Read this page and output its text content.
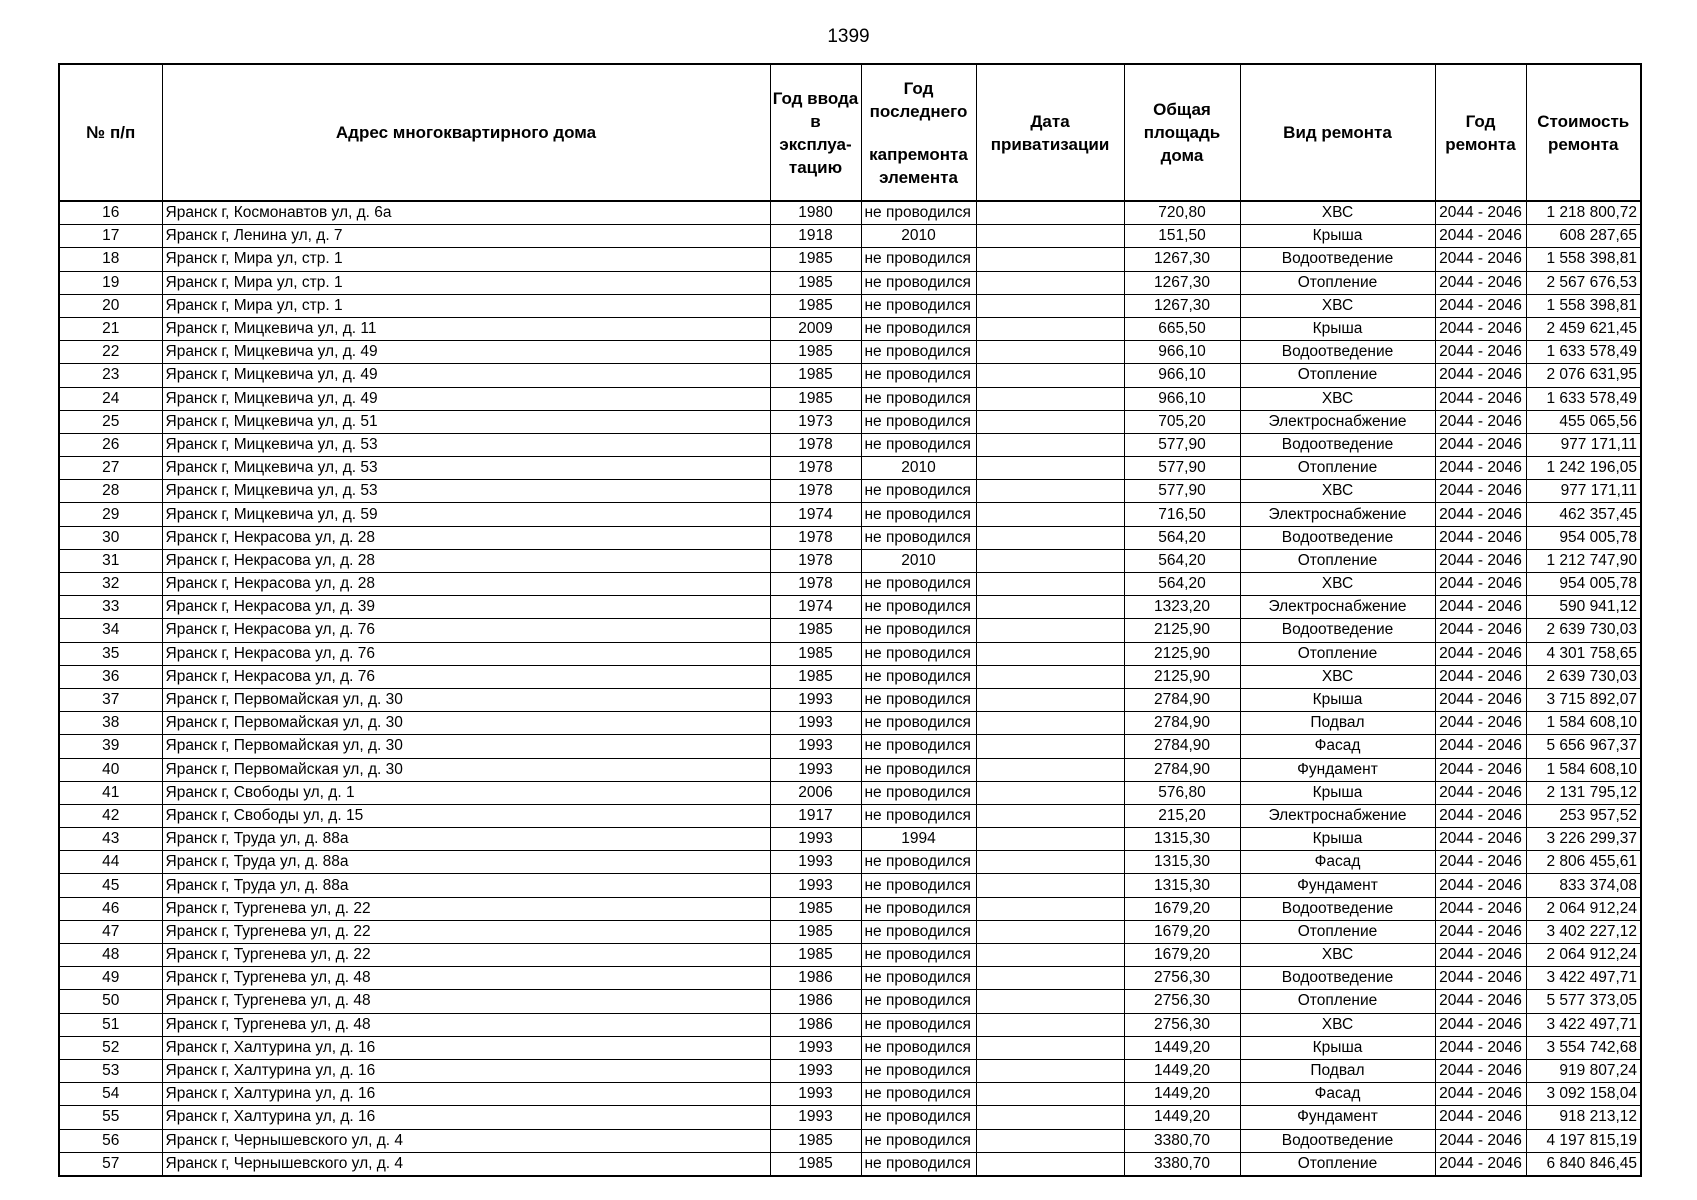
1399
№ п/п	Адрес многоквартирного дома	Год ввода в эксплуа-тацию	Год последнего
капремонта элемента	Дата приватизации	Общая площадь дома	Вид ремонта	Год ремонта	Стоимость ремонта
16	Яранск г, Космонавтов ул, д. 6а	1980	не проводился		720,80	ХВС	2044 - 2046	1 218 800,72
17	Яранск г, Ленина ул, д. 7	1918	2010		151,50	Крыша	2044 - 2046	608 287,65
18	Яранск г, Мира ул, стр. 1	1985	не проводился		1267,30	Водоотведение	2044 - 2046	1 558 398,81
19	Яранск г, Мира ул, стр. 1	1985	не проводился		1267,30	Отопление	2044 - 2046	2 567 676,53
20	Яранск г, Мира ул, стр. 1	1985	не проводился		1267,30	ХВС	2044 - 2046	1 558 398,81
21	Яранск г, Мицкевича ул, д. 11	2009	не проводился		665,50	Крыша	2044 - 2046	2 459 621,45
22	Яранск г, Мицкевича ул, д. 49	1985	не проводился		966,10	Водоотведение	2044 - 2046	1 633 578,49
23	Яранск г, Мицкевича ул, д. 49	1985	не проводился		966,10	Отопление	2044 - 2046	2 076 631,95
24	Яранск г, Мицкевича ул, д. 49	1985	не проводился		966,10	ХВС	2044 - 2046	1 633 578,49
25	Яранск г, Мицкевича ул, д. 51	1973	не проводился		705,20	Электроснабжение	2044 - 2046	455 065,56
26	Яранск г, Мицкевича ул, д. 53	1978	не проводился		577,90	Водоотведение	2044 - 2046	977 171,11
27	Яранск г, Мицкевича ул, д. 53	1978	2010		577,90	Отопление	2044 - 2046	1 242 196,05
28	Яранск г, Мицкевича ул, д. 53	1978	не проводился		577,90	ХВС	2044 - 2046	977 171,11
29	Яранск г, Мицкевича ул, д. 59	1974	не проводился		716,50	Электроснабжение	2044 - 2046	462 357,45
30	Яранск г, Некрасова ул, д. 28	1978	не проводился		564,20	Водоотведение	2044 - 2046	954 005,78
31	Яранск г, Некрасова ул, д. 28	1978	2010		564,20	Отопление	2044 - 2046	1 212 747,90
32	Яранск г, Некрасова ул, д. 28	1978	не проводился		564,20	ХВС	2044 - 2046	954 005,78
33	Яранск г, Некрасова ул, д. 39	1974	не проводился		1323,20	Электроснабжение	2044 - 2046	590 941,12
34	Яранск г, Некрасова ул, д. 76	1985	не проводился		2125,90	Водоотведение	2044 - 2046	2 639 730,03
35	Яранск г, Некрасова ул, д. 76	1985	не проводился		2125,90	Отопление	2044 - 2046	4 301 758,65
36	Яранск г, Некрасова ул, д. 76	1985	не проводился		2125,90	ХВС	2044 - 2046	2 639 730,03
37	Яранск г, Первомайская ул, д. 30	1993	не проводился		2784,90	Крыша	2044 - 2046	3 715 892,07
38	Яранск г, Первомайская ул, д. 30	1993	не проводился		2784,90	Подвал	2044 - 2046	1 584 608,10
39	Яранск г, Первомайская ул, д. 30	1993	не проводился		2784,90	Фасад	2044 - 2046	5 656 967,37
40	Яранск г, Первомайская ул, д. 30	1993	не проводился		2784,90	Фундамент	2044 - 2046	1 584 608,10
41	Яранск г, Свободы ул, д. 1	2006	не проводился		576,80	Крыша	2044 - 2046	2 131 795,12
42	Яранск г, Свободы ул, д. 15	1917	не проводился		215,20	Электроснабжение	2044 - 2046	253 957,52
43	Яранск г, Труда ул, д. 88а	1993	1994		1315,30	Крыша	2044 - 2046	3 226 299,37
44	Яранск г, Труда ул, д. 88а	1993	не проводился		1315,30	Фасад	2044 - 2046	2 806 455,61
45	Яранск г, Труда ул, д. 88а	1993	не проводился		1315,30	Фундамент	2044 - 2046	833 374,08
46	Яранск г, Тургенева ул, д. 22	1985	не проводился		1679,20	Водоотведение	2044 - 2046	2 064 912,24
47	Яранск г, Тургенева ул, д. 22	1985	не проводился		1679,20	Отопление	2044 - 2046	3 402 227,12
48	Яранск г, Тургенева ул, д. 22	1985	не проводился		1679,20	ХВС	2044 - 2046	2 064 912,24
49	Яранск г, Тургенева ул, д. 48	1986	не проводился		2756,30	Водоотведение	2044 - 2046	3 422 497,71
50	Яранск г, Тургенева ул, д. 48	1986	не проводился		2756,30	Отопление	2044 - 2046	5 577 373,05
51	Яранск г, Тургенева ул, д. 48	1986	не проводился		2756,30	ХВС	2044 - 2046	3 422 497,71
52	Яранск г, Халтурина ул, д. 16	1993	не проводился		1449,20	Крыша	2044 - 2046	3 554 742,68
53	Яранск г, Халтурина ул, д. 16	1993	не проводился		1449,20	Подвал	2044 - 2046	919 807,24
54	Яранск г, Халтурина ул, д. 16	1993	не проводился		1449,20	Фасад	2044 - 2046	3 092 158,04
55	Яранск г, Халтурина ул, д. 16	1993	не проводился		1449,20	Фундамент	2044 - 2046	918 213,12
56	Яранск г, Чернышевского ул, д. 4	1985	не проводился		3380,70	Водоотведение	2044 - 2046	4 197 815,19
57	Яранск г, Чернышевского ул, д. 4	1985	не проводился		3380,70	Отопление	2044 - 2046	6 840 846,45
